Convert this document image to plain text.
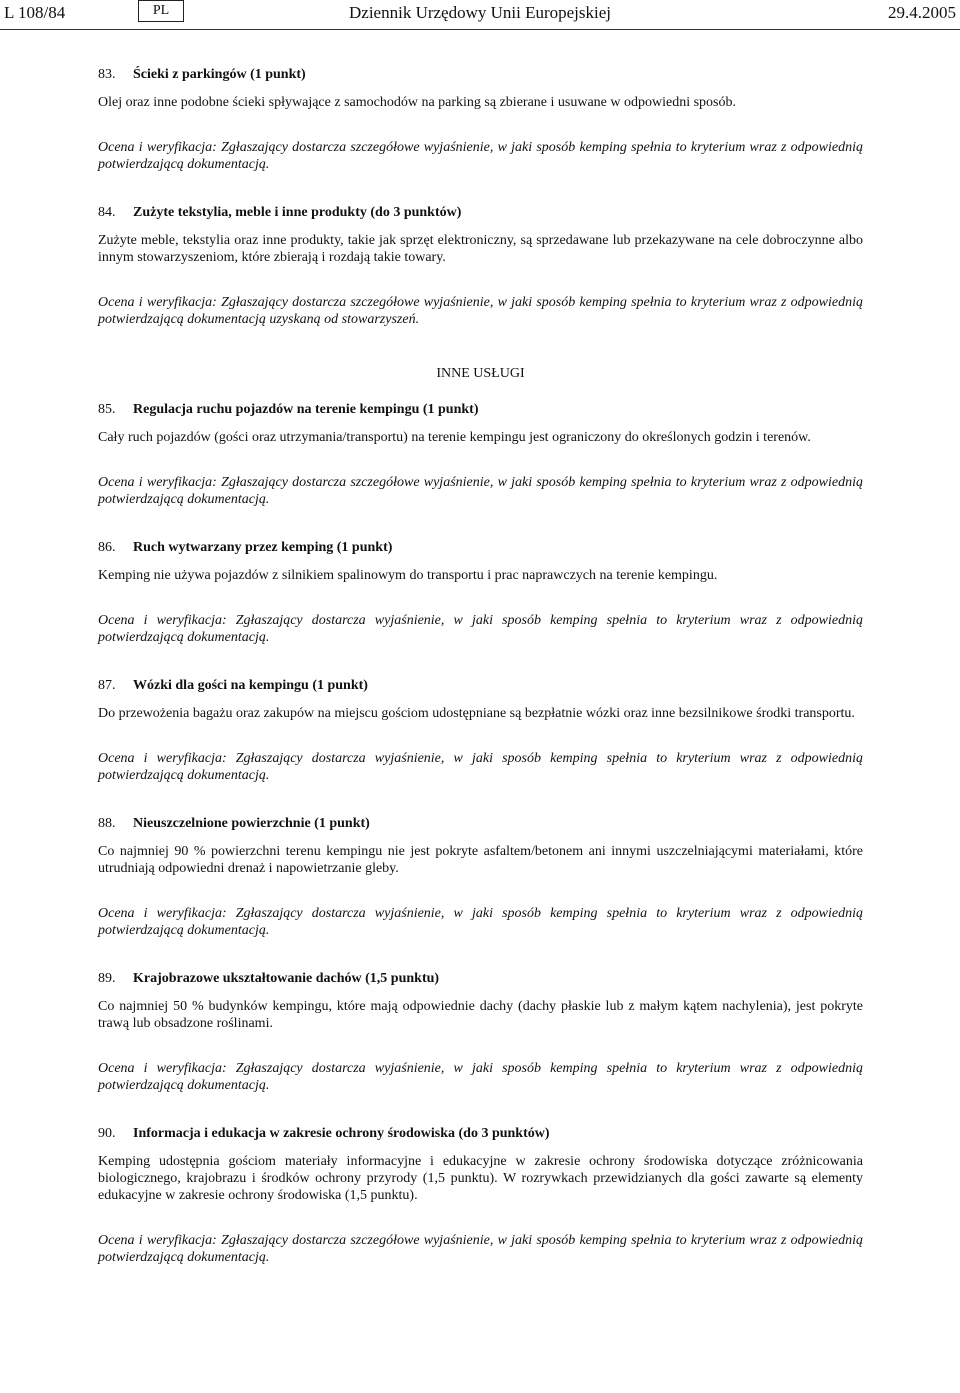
L 108/84	PL	Dziennik Urzędowy Unii Europejskiej	29.4.2005

83. Ścieki z parkingów (1 punkt)

Olej oraz inne podobne ścieki spływające z samochodów na parking są zbierane i usuwane w odpowiedni sposób.

Ocena i weryfikacja: Zgłaszający dostarcza szczegółowe wyjaśnienie, w jaki sposób kemping spełnia to kryterium wraz z odpowiednią potwierdzającą dokumentacją.

84. Zużyte tekstylia, meble i inne produkty (do 3 punktów)

Zużyte meble, tekstylia oraz inne produkty, takie jak sprzęt elektroniczny, są sprzedawane lub przekazywane na cele dobroczynne albo innym stowarzyszeniom, które zbierają i rozdają takie towary.

Ocena i weryfikacja: Zgłaszający dostarcza szczegółowe wyjaśnienie, w jaki sposób kemping spełnia to kryterium wraz z odpowiednią potwierdzającą dokumentacją uzyskaną od stowarzyszeń.

INNE USŁUGI

85. Regulacja ruchu pojazdów na terenie kempingu (1 punkt)

Cały ruch pojazdów (gości oraz utrzymania/transportu) na terenie kempingu jest ograniczony do określonych godzin i terenów.

Ocena i weryfikacja: Zgłaszający dostarcza szczegółowe wyjaśnienie, w jaki sposób kemping spełnia to kryterium wraz z odpowiednią potwierdzającą dokumentacją.

86. Ruch wytwarzany przez kemping (1 punkt)

Kemping nie używa pojazdów z silnikiem spalinowym do transportu i prac naprawczych na terenie kempingu.

Ocena i weryfikacja: Zgłaszający dostarcza wyjaśnienie, w jaki sposób kemping spełnia to kryterium wraz z odpowiednią potwierdzającą dokumentacją.

87. Wózki dla gości na kempingu (1 punkt)

Do przewożenia bagażu oraz zakupów na miejscu gościom udostępniane są bezpłatnie wózki oraz inne bezsilnikowe środki transportu.

Ocena i weryfikacja: Zgłaszający dostarcza wyjaśnienie, w jaki sposób kemping spełnia to kryterium wraz z odpowiednią potwierdzającą dokumentacją.

88. Nieuszczelnione powierzchnie (1 punkt)

Co najmniej 90 % powierzchni terenu kempingu nie jest pokryte asfaltem/betonem ani innymi uszczelniającymi materiałami, które utrudniają odpowiedni drenaż i napowietrzanie gleby.

Ocena i weryfikacja: Zgłaszający dostarcza wyjaśnienie, w jaki sposób kemping spełnia to kryterium wraz z odpowiednią potwierdzającą dokumentacją.

89. Krajobrazowe ukształtowanie dachów (1,5 punktu)

Co najmniej 50 % budynków kempingu, które mają odpowiednie dachy (dachy płaskie lub z małym kątem nachylenia), jest pokryte trawą lub obsadzone roślinami.

Ocena i weryfikacja: Zgłaszający dostarcza wyjaśnienie, w jaki sposób kemping spełnia to kryterium wraz z odpowiednią potwierdzającą dokumentacją.

90. Informacja i edukacja w zakresie ochrony środowiska (do 3 punktów)

Kemping udostępnia gościom materiały informacyjne i edukacyjne w zakresie ochrony środowiska dotyczące zróżnicowania biologicznego, krajobrazu i środków ochrony przyrody (1,5 punktu). W rozrywkach przewidzianych dla gości zawarte są elementy edukacyjne w zakresie ochrony środowiska (1,5 punktu).

Ocena i weryfikacja: Zgłaszający dostarcza szczegółowe wyjaśnienie, w jaki sposób kemping spełnia to kryterium wraz z odpowiednią potwierdzającą dokumentacją.
